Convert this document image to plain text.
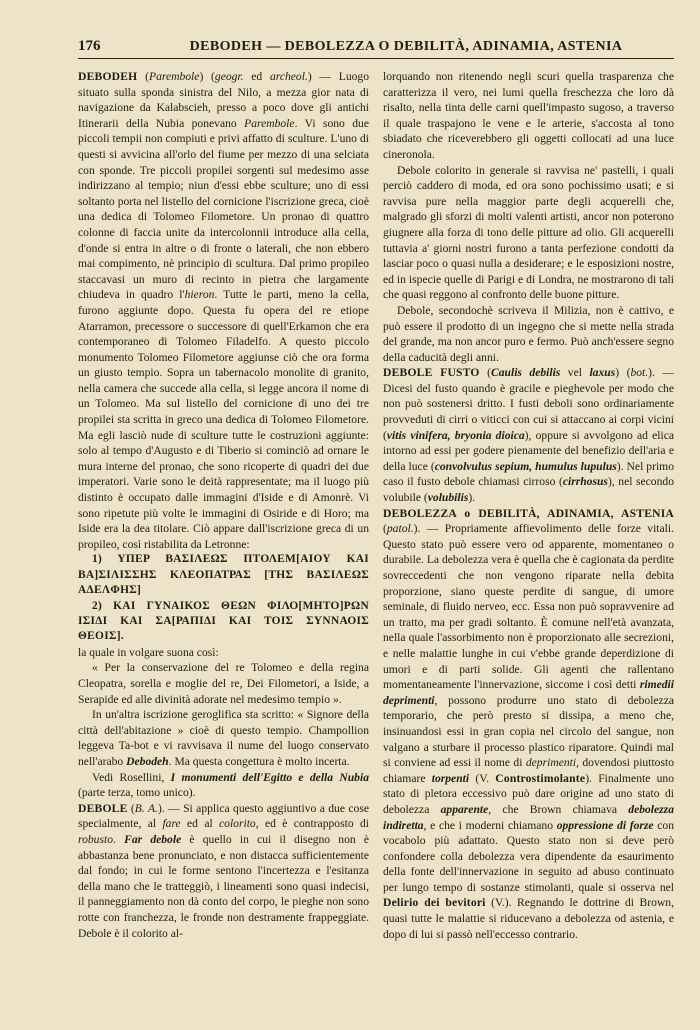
176	DEBODEH — DEBOLEZZA O DEBILITÀ, ADINAMIA, ASTENIA

DEBODEH (Parembole) (geogr. ed archeol.) — Luogo situato sulla sponda sinistra del Nilo, a mezza gior nata di navigazione da Kalabscieh, presso a poco dove gli antichi Itinerarii della Nubia ponevano Parembole. Vi sono due piccoli tempii non compiuti e privi affatto di sculture. L'uno di questi si avvicina all'orlo del fiume per mezzo di una selciata con sponde. Tre piccoli propilei sorgenti sul medesimo asse indirizzano al tempio; niun d'essi ebbe sculture; uno di essi soltanto porta nel listello del cornicione l'iscrizione greca, cioè una dedica di Tolomeo Filometore. Un pronao di quattro colonne di faccia unite da intercolonnii introduce alla cella, d'onde si entra in altre o di fronte o laterali, che non ebbero mai compimento, nè principio di scultura. Dal primo propileo staccavasi un muro di recinto in pietra che largamente chiudeva in quadro l'hieron. Tutte le parti, meno la cella, furono aggiunte dopo. Questa fu opera del re etiope Atarramon, precessore o successore di quell'Erkamon che era contemporaneo di Tolomeo Filadelfo. A questo piccolo monumento Tolomeo Filometore aggiunse ciò che ora forma un giusto tempio. Sopra un tabernacolo monolite di granito, nella camera che succede alla cella, si legge ancora il nome di un Tolomeo. Ma sul listello del cornicione di uno dei tre propilei sta scritta in greco una dedica di Tolomeo Filometore. Ma egli lasciò nude di sculture tutte le costruzioni aggiunte: solo al tempo d'Augusto e di Tiberio si cominciò ad ornare le mura interne del pronao, che sono ricoperte di quadri dei due imperatori. Varie sono le deità rappresentate; ma il luogo più distinto è occupato dalle immagini d'Iside e di Amonrè. Vi sono ripetute più volte le immagini di Osiride e di Horo; ma Iside era la dea titolare. Ciò appare dall'iscrizione greca di un propileo, così ristabilita da Letronne:

1) ΥΠΕΡ ΒΑΣΙΛΕΩΣ ΠΤΟΛΕΜ[ΑΙΟΥ ΚΑΙ ΒΑ]ΣΙΛΙΣΣΗΣ ΚΛΕΟΠΑΤΡΑΣ [ΤΗΣ ΒΑΣΙΛΕΩΣ ΑΔΕΛΦΗΣ]

2) ΚΑΙ ΓΥΝΑΙΚΟΣ ΘΕΩΝ ΦΙΛΟ[ΜΗΤΟ]ΡΩΝ ΙΣΙΔΙ ΚΑΙ ΣΑ[ΡΑΠΙΔΙ ΚΑΙ ΤΟΙΣ ΣΥΝΝΑΟΙΣ ΘΕΟΙΣ].

la quale in volgare suona così:

« Per la conservazione del re Tolomeo e della regina Cleopatra, sorella e moglie del re, Dei Filometori, a Iside, a Serapide ed alle divinità adorate nel medesimo tempio ».

In un'altra iscrizione geroglifica sta scritto: « Signore della città dell'abitazione » cioè di questo tempio. Champollion leggeva Ta-bot e vi ravvisava il nume del luogo conservato nell'arabo Debodeh. Ma questa congettura è molto incerta.

Vedi Rosellini, I monumenti dell'Egitto e della Nubia (parte terza, tomo unico).

DEBOLE (B. A.). — Si applica questo aggiuntivo a due cose specialmente, al fare ed al colorito, ed è contrapposto di robusto. Far debole è quello in cui il disegno non è abbastanza bene pronunciato, e non distacca sufficientemente dal fondo; in cui le forme sentono l'incertezza e l'esitanza della mano che le tratteggiò, i lineamenti sono quasi indecisi, il panneggiamento non dà conto del corpo, le pieghe non sono rotte con franchezza, le fronde non destramente frappeggiate. Debole è il colorito al-

lorquando non ritenendo negli scuri quella trasparenza che caratterizza il vero, nei lumi quella freschezza che loro dà risalto, nella tinta delle carni quell'impasto sugoso, a traverso il quale traspajono le vene e le arterie, s'accosta al tono sbiadato che riceverebbero gli oggetti collocati ad una luce cineronola.

Debole colorito in generale si ravvisa ne' pastelli, i quali perciò caddero di moda, ed ora sono pochissimo usati; e si ravvisa pure nella maggior parte degli acquerelli che, malgrado gli sforzi di molti valenti artisti, ancor non poterono giugnere alla forza di tono delle pitture ad olio. Gli acquerelli tuttavia a' giorni nostri furono a tanta perfezione condotti da lasciar poco o quasi nulla a desiderare; e le esposizioni nostre, ed in ispecie quelle di Parigi e di Londra, ne mostrarono di tali che quasi reggono al confronto delle buone pitture.

Debole, secondochè scriveva il Milizia, non è cattivo, e può essere il prodotto di un ingegno che si mette nella strada del grande, ma non ancor puro e fermo. Può anch'essere segno della caducità degli anni.

DEBOLE FUSTO (Caulis debilis vel laxus) (bot.). — Dicesi del fusto quando è gracile e pieghevole per modo che non può sostenersi dritto. I fusti deboli sono ordinariamente provveduti di cirri o viticci con cui si attaccano ai corpi vicini (vitis vinifera, bryonia dioica), oppure si avvolgono ad elica intorno ad essi per godere pienamente del benefizio dell'aria e della luce (convolvulus sepium, humulus lupulus). Nel primo caso il fusto debole chiamasi cirroso (cirrhosus), nel secondo volubile (volubilis).

DEBOLEZZA o DEBILITÀ, ADINAMIA, ASTENIA (patol.). — Propriamente affievolimento delle forze vitali. Questo stato può essere vero od apparente, momentaneo o durabile. La debolezza vera è quella che è cagionata da perdite sovreccedenti che non vengono riparate nella debita proporzione, siano queste perdite di sangue, di umore seminale, di fluido nerveo, ecc. Essa non può sopravvenire ad un tratto, ma per gradi soltanto. È comune nell'età avanzata, nella quale l'assorbimento non è proporzionato alle secrezioni, e nelle malattie lunghe in cui v'ebbe grande deperdizione di umori e di parti solide. Gli agenti che rallentano momentaneamente l'innervazione, siccome i così detti rimedii deprimenti, possono produrre uno stato di debolezza temporario, che però presto si dissipa, a meno che, insinuandosi essi in gran copia nel circolo del sangue, non valgano a sturbare il processo plastico riparatore. Quindi mal si conviene ad essi il nome di deprimenti, dovendosi piuttosto chiamare torpenti (V. Controstimolante). Finalmente uno stato di pletora eccessivo può dare origine ad uno stato di debolezza apparente, che Brown chiamava debolezza indiretta, e che i moderni chiamano oppressione di forze con vocabolo più adattato. Questo stato non si deve però confondere colla debolezza vera dipendente da esaurimento della fonte dell'innervazione in seguito ad abuso continuato per lungo tempo di sostanze stimolanti, quale si osserva nel Delirio dei bevitori (V.). Regnando le dottrine di Brown, quasi tutte le malattie si riducevano a debolezza od astenia, e dopo di lui si passò nell'eccesso contrario.
